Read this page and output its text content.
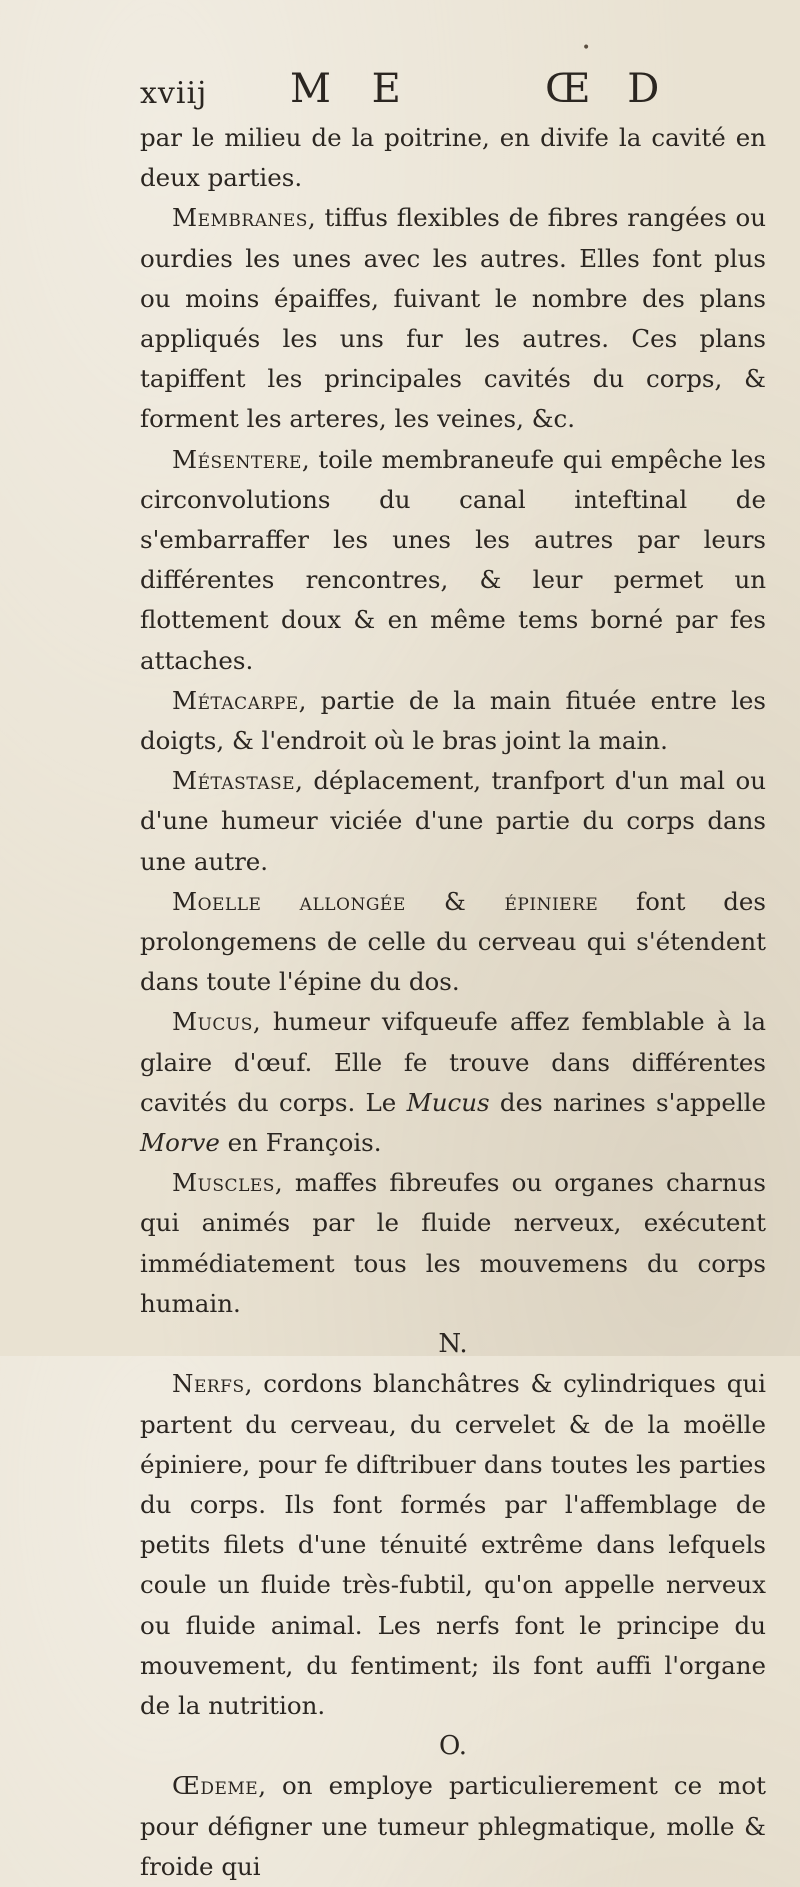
•
xviij M E	Œ D

par le milieu de la poitrine, en divife la cavité en deux parties.

Membranes, tiffus flexibles de fibres rangées ou ourdies les unes avec les autres. Elles font plus ou moins épaiffes, fuivant le nombre des plans appliqués les uns fur les autres. Ces plans tapiffent les principales cavités du corps, & forment les arteres, les veines, &c.

Mésentere, toile membraneufe qui empêche les circonvolutions du canal inteftinal de s'embarraffer les unes les autres par leurs différentes rencontres, & leur permet un flottement doux & en même tems borné par fes attaches.

Métacarpe, partie de la main fituée entre les doigts, & l'endroit où le bras joint la main.

Métastase, déplacement, tranfport d'un mal ou d'une humeur viciée d'une partie du corps dans une autre.

Moelle allongée & épiniere font des prolongemens de celle du cerveau qui s'étendent dans toute l'épine du dos.

Mucus, humeur vifqueufe affez femblable à la glaire d'œuf. Elle fe trouve dans différentes cavités du corps. Le Mucus des narines s'appelle Morve en François.

Muscles, maffes fibreufes ou organes charnus qui animés par le fluide nerveux, exécutent immédiatement tous les mouvemens du corps humain.

N.

Nerfs, cordons blanchâtres & cylindriques qui partent du cerveau, du cervelet & de la moëlle épiniere, pour fe diftribuer dans toutes les parties du corps. Ils font formés par l'affemblage de petits filets d'une ténuité extrême dans lefquels coule un fluide très-fubtil, qu'on appelle nerveux ou fluide animal. Les nerfs font le principe du mouvement, du fentiment; ils font auffi l'organe de la nutrition.

O.

Œdeme, on employe particulierement ce mot pour défigner une tumeur phlegmatique, molle & froide qui
